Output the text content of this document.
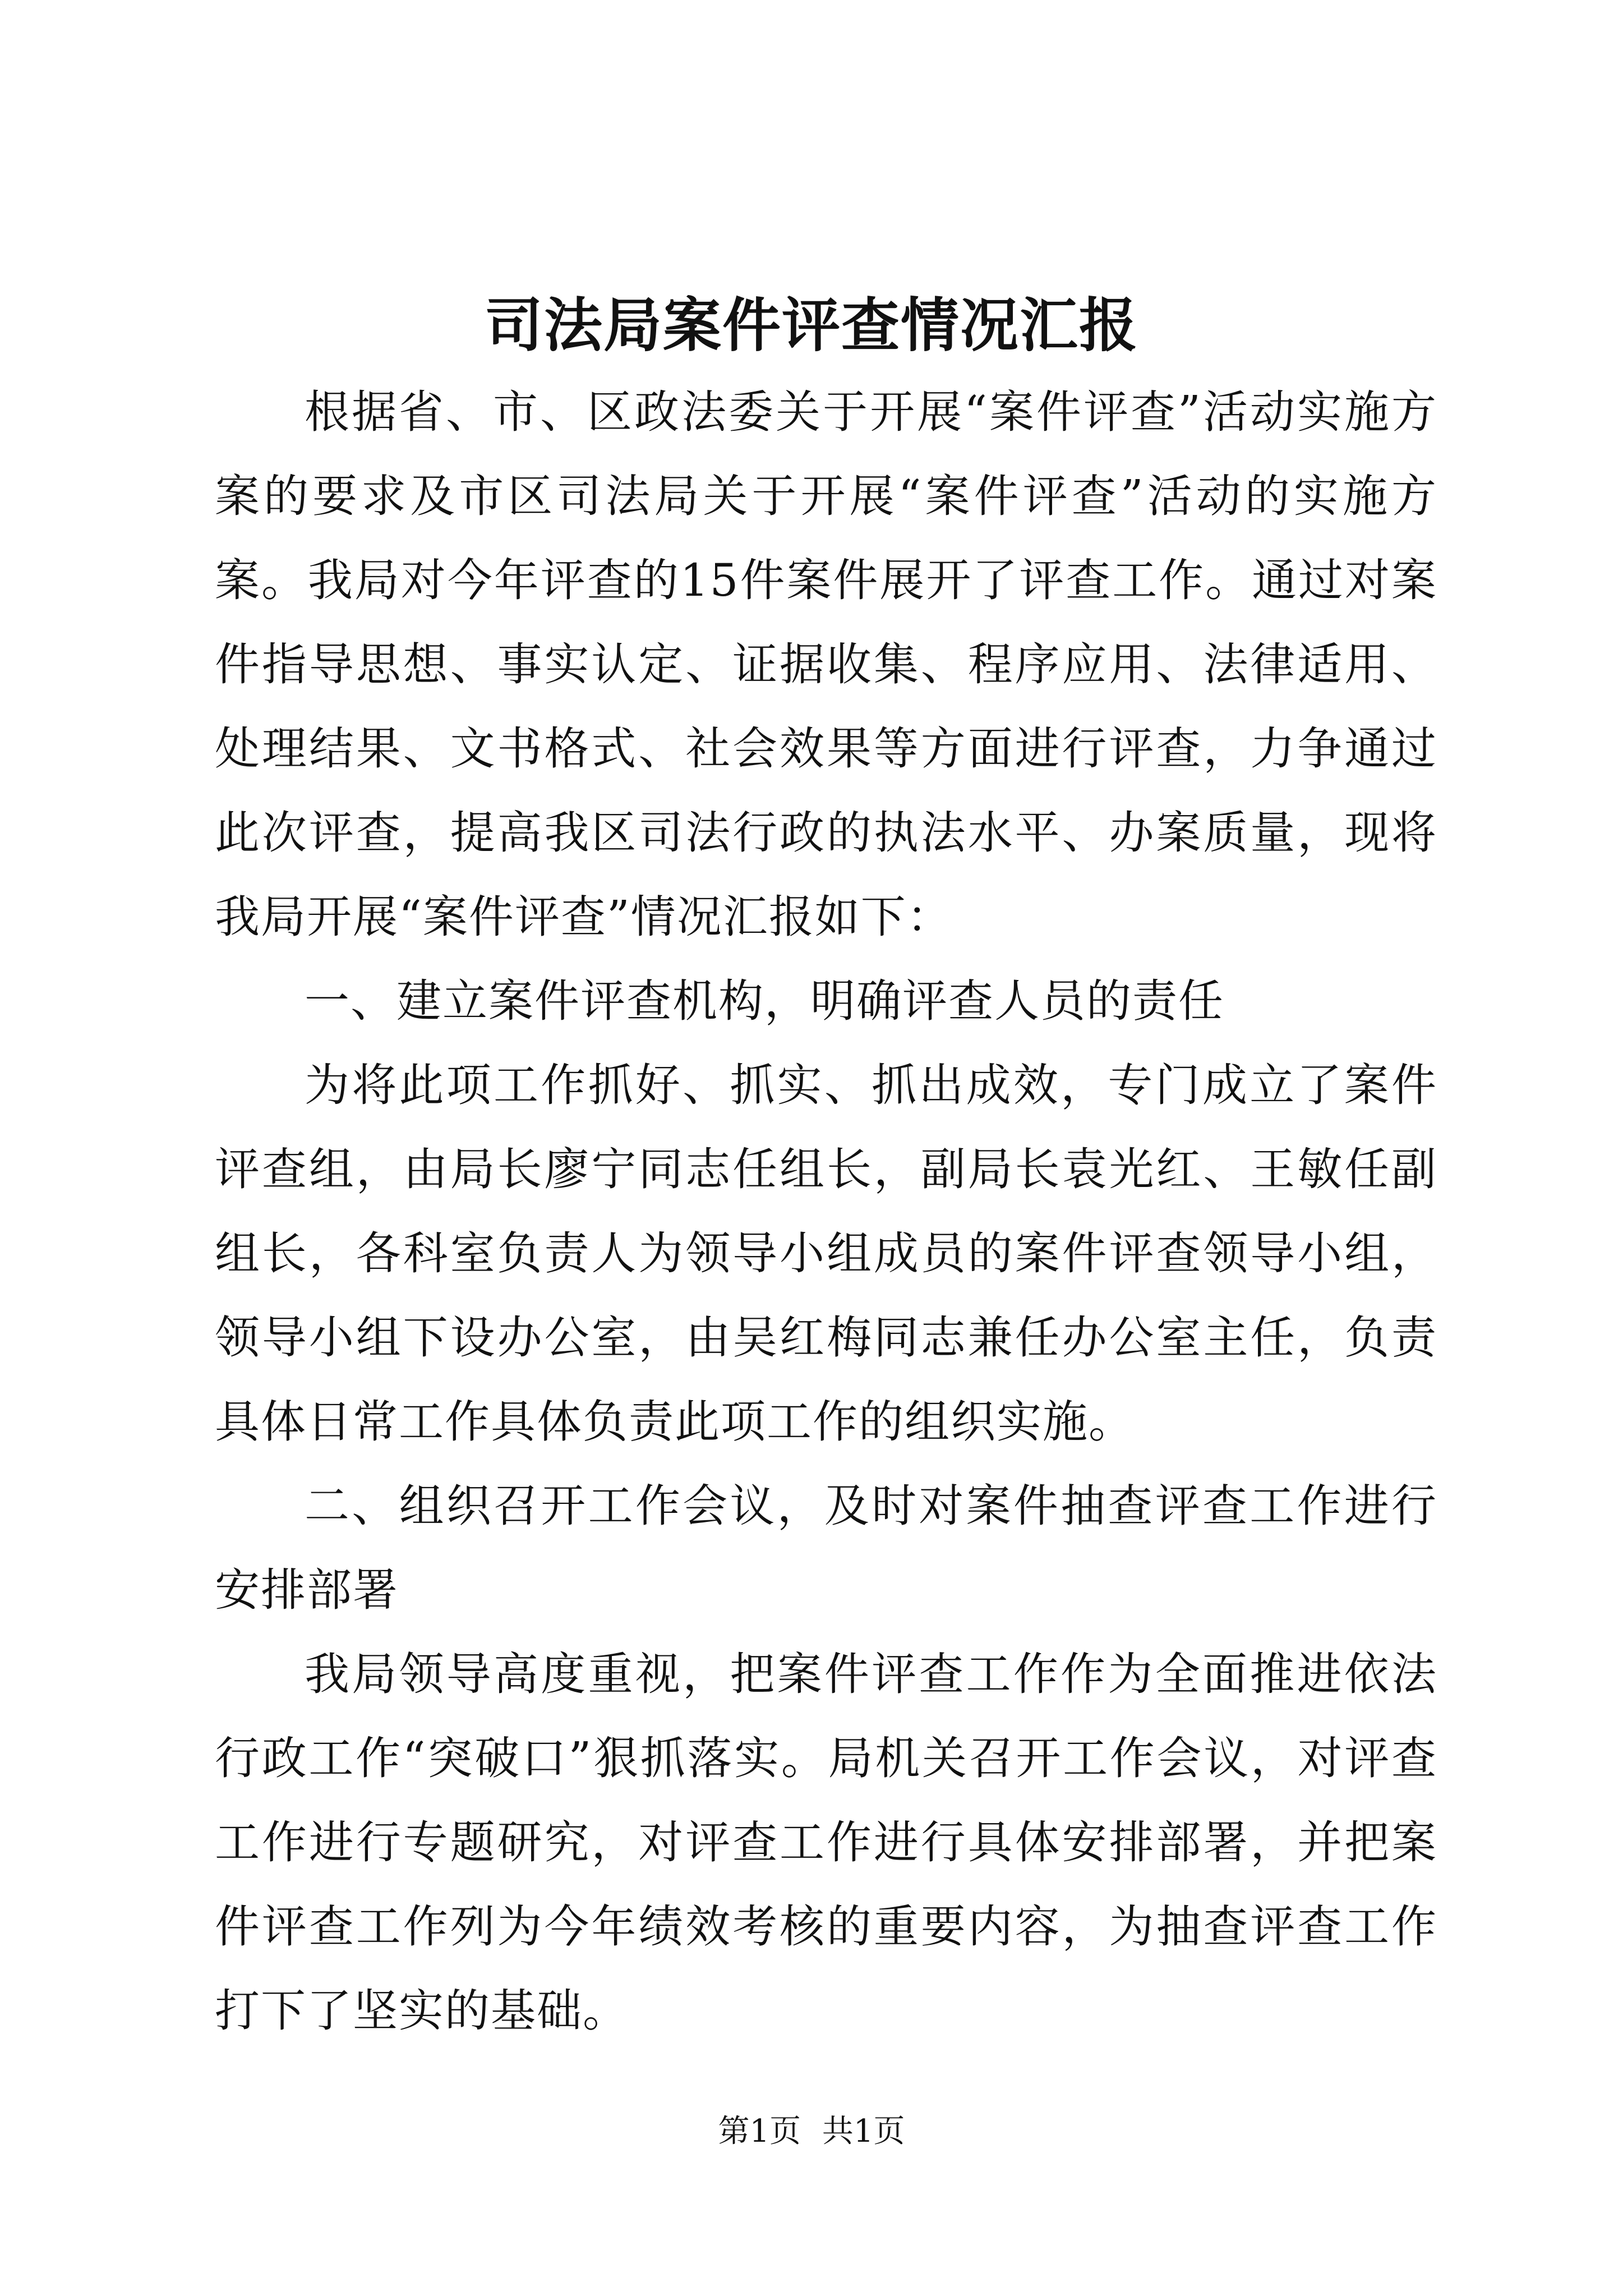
司法局案件评查情况汇报

根据省、市、区政法委关于开展“案件评查”活动实施方案的要求及市区司法局关于开展“案件评查”活动的实施方案。我局对今年评查的15件案件展开了评查工作。通过对案件指导思想、事实认定、证据收集、程序应用、法律适用、处理结果、文书格式、社会效果等方面进行评查，力争通过此次评查，提高我区司法行政的执法水平、办案质量，现将我局开展“案件评查”情况汇报如下：

一、建立案件评查机构，明确评查人员的责任

为将此项工作抓好、抓实、抓出成效，专门成立了案件评查组，由局长廖宁同志任组长，副局长袁光红、王敏任副组长，各科室负责人为领导小组成员的案件评查领导小组，领导小组下设办公室，由吴红梅同志兼任办公室主任，负责具体日常工作具体负责此项工作的组织实施。

二、组织召开工作会议，及时对案件抽查评查工作进行安排部署

我局领导高度重视，把案件评查工作作为全面推进依法行政工作“突破口”狠抓落实。局机关召开工作会议，对评查工作进行专题研究，对评查工作进行具体安排部署，并把案件评查工作列为今年绩效考核的重要内容，为抽查评查工作打下了坚实的基础。

第1页 共1页
